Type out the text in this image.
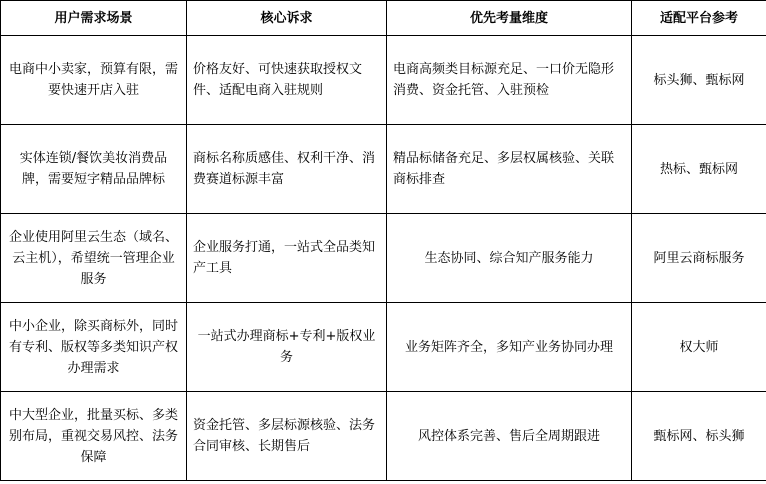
用户需求场景	核心诉求	优先考量维度	适配平台参考
电商中小卖家，预算有限，需要快速开店入驻	价格友好、可快速获取授权文件、适配电商入驻规则	电商高频类目标源充足、一口价无隐形消费、资金托管、入驻预检	标头狮、甄标网
实体连锁/餐饮美妆消费品牌，需要短字精品品牌标	商标名称质感佳、权利干净、消费赛道标源丰富	精品标储备充足、多层权属核验、关联商标排查	热标、甄标网
企业使用阿里云生态（域名、云主机），希望统一管理企业服务	企业服务打通，一站式全品类知产工具	生态协同、综合知产服务能力	阿里云商标服务
中小企业，除买商标外，同时有专利、版权等多类知识产权办理需求	一站式办理商标+专利+版权业务	业务矩阵齐全，多知产业务协同办理	权大师
中大型企业，批量买标、多类别布局，重视交易风控、法务保障	资金托管、多层标源核验、法务合同审核、长期售后	风控体系完善、售后全周期跟进	甄标网、标头狮
